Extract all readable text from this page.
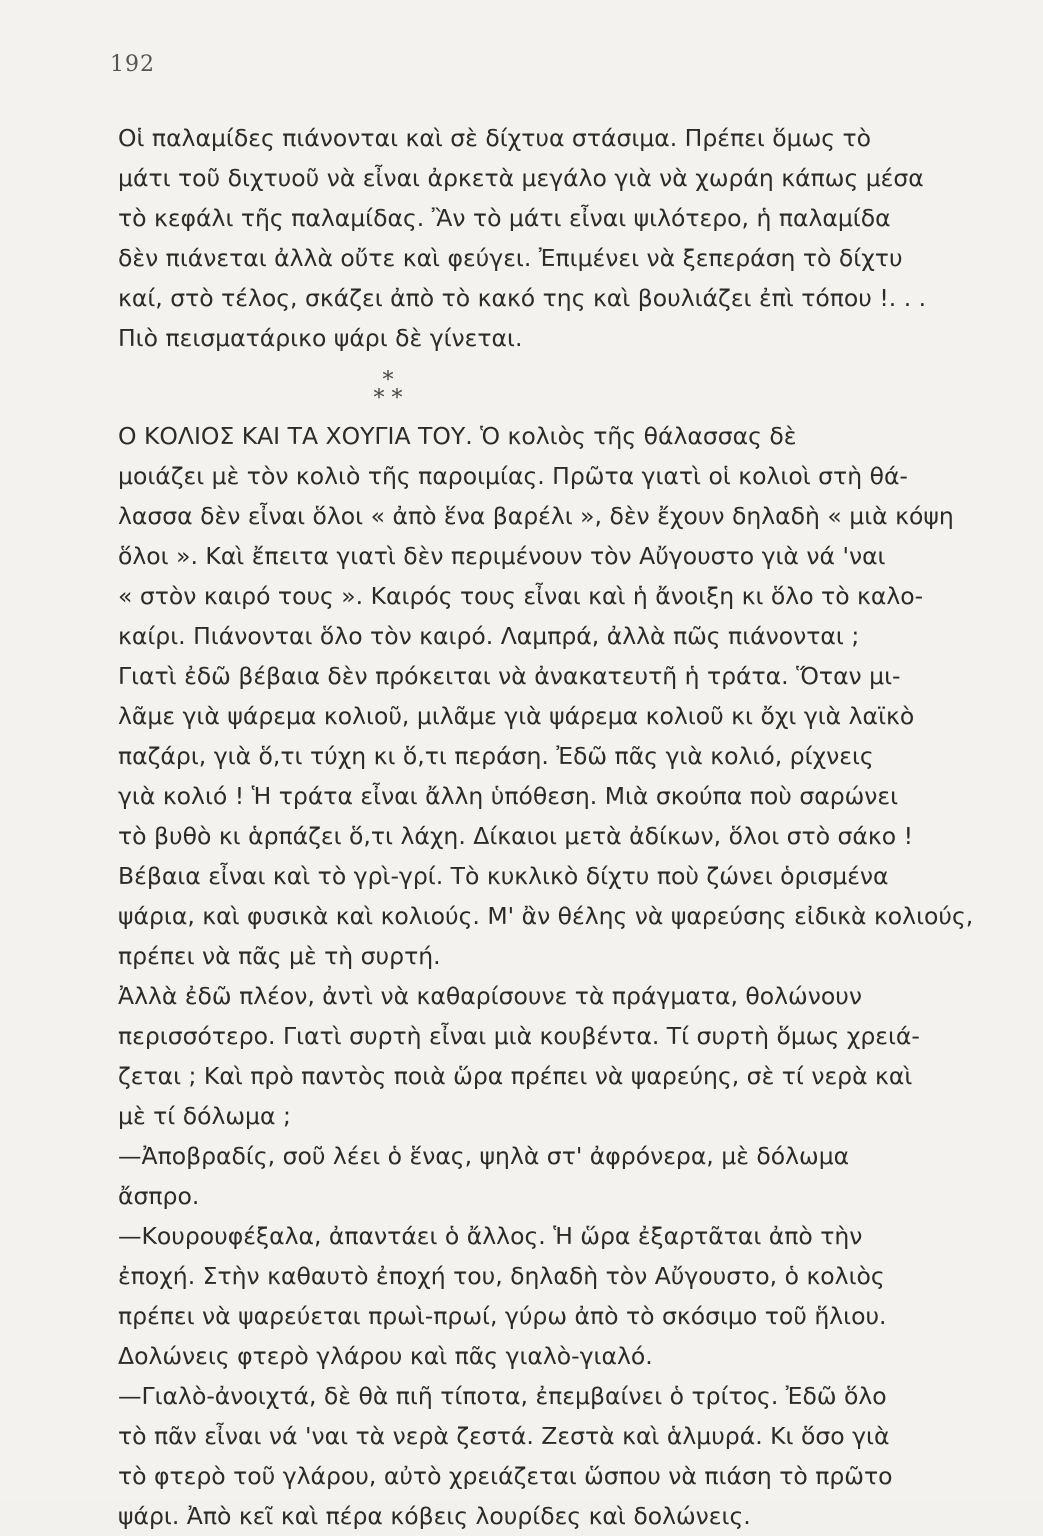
192
Οἱ παλαμίδες πιάνονται καὶ σὲ δίχτυα στάσιμα. Πρέπει ὅμως τὸ
μάτι τοῦ διχτυοῦ νὰ εἶναι ἀρκετὰ μεγάλο γιὰ νὰ χωράη κάπως μέσα
τὸ κεφάλι τῆς παλαμίδας. Ἂν τὸ μάτι εἶναι ψιλότερο, ἡ παλαμίδα
δὲν πιάνεται ἀλλὰ οὔτε καὶ φεύγει. Ἐπιμένει νὰ ξεπεράση τὸ δίχτυ
καί, στὸ τέλος, σκάζει ἀπὸ τὸ κακό της καὶ βουλιάζει ἐπὶ τόπου !. . .
Πιὸ πεισματάρικο ψάρι δὲ γίνεται.
*
* *
Ο ΚΟΛΙΟΣ ΚΑΙ ΤΑ ΧΟΥΓΙΑ ΤΟΥ. Ὁ κολιὸς τῆς θάλασσας δὲ
μοιάζει μὲ τὸν κολιὸ τῆς παροιμίας. Πρῶτα γιατὶ οἱ κολιοὶ στὴ θά-
λασσα δὲν εἶναι ὅλοι « ἀπὸ ἕνα βαρέλι », δὲν ἔχουν δηλαδὴ « μιὰ κόψη
ὅλοι ». Καὶ ἔπειτα γιατὶ δὲν περιμένουν τὸν Αὔγουστο γιὰ νά 'ναι
« στὸν καιρό τους ». Καιρός τους εἶναι καὶ ἡ ἄνοιξη κι ὅλο τὸ καλο-
καίρι. Πιάνονται ὅλο τὸν καιρό. Λαμπρά, ἀλλὰ πῶς πιάνονται ;
Γιατὶ ἐδῶ βέβαια δὲν πρόκειται νὰ ἀνακατευτῆ ἡ τράτα. Ὅταν μι-
λᾶμε γιὰ ψάρεμα κολιοῦ, μιλᾶμε γιὰ ψάρεμα κολιοῦ κι ὄχι γιὰ λαϊκὸ
παζάρι, γιὰ ὅ,τι τύχη κι ὅ,τι περάση. Ἐδῶ πᾶς γιὰ κολιό, ρίχνεις
γιὰ κολιό ! Ἡ τράτα εἶναι ἄλλη ὑπόθεση. Μιὰ σκούπα ποὺ σαρώνει
τὸ βυθὸ κι ἁρπάζει ὅ,τι λάχη. Δίκαιοι μετὰ ἀδίκων, ὅλοι στὸ σάκο !
Βέβαια εἶναι καὶ τὸ γρὶ-γρί. Τὸ κυκλικὸ δίχτυ ποὺ ζώνει ὁρισμένα
ψάρια, καὶ φυσικὰ καὶ κολιούς. Μ' ἂν θέλης νὰ ψαρεύσης εἰδικὰ κολιούς,
πρέπει νὰ πᾶς μὲ τὴ συρτή.
Ἀλλὰ ἐδῶ πλέον, ἀντὶ νὰ καθαρίσουνε τὰ πράγματα, θολώνουν
περισσότερο. Γιατὶ συρτὴ εἶναι μιὰ κουβέντα. Τί συρτὴ ὅμως χρειά-
ζεται ; Καὶ πρὸ παντὸς ποιὰ ὥρα πρέπει νὰ ψαρεύης, σὲ τί νερὰ καὶ
μὲ τί δόλωμα ;
—Ἀποβραδίς, σοῦ λέει ὁ ἕνας, ψηλὰ στ' ἀφρόνερα, μὲ δόλωμα
ἄσπρο.
—Κουρουφέξαλα, ἀπαντάει ὁ ἄλλος. Ἡ ὥρα ἐξαρτᾶται ἀπὸ τὴν
ἐποχή. Στὴν καθαυτὸ ἐποχή του, δηλαδὴ τὸν Αὔγουστο, ὁ κολιὸς
πρέπει νὰ ψαρεύεται πρωὶ-πρωί, γύρω ἀπὸ τὸ σκόσιμο τοῦ ἥλιου.
Δολώνεις φτερὸ γλάρου καὶ πᾶς γιαλὸ-γιαλό.
—Γιαλὸ-ἀνοιχτά, δὲ θὰ πιῆ τίποτα, ἐπεμβαίνει ὁ τρίτος. Ἐδῶ ὅλο
τὸ πᾶν εἶναι νά 'ναι τὰ νερὰ ζεστά. Ζεστὰ καὶ ἁλμυρά. Κι ὅσο γιὰ
τὸ φτερὸ τοῦ γλάρου, αὐτὸ χρειάζεται ὥσπου νὰ πιάση τὸ πρῶτο
ψάρι. Ἀπὸ κεῖ καὶ πέρα κόβεις λουρίδες καὶ δολώνεις.
